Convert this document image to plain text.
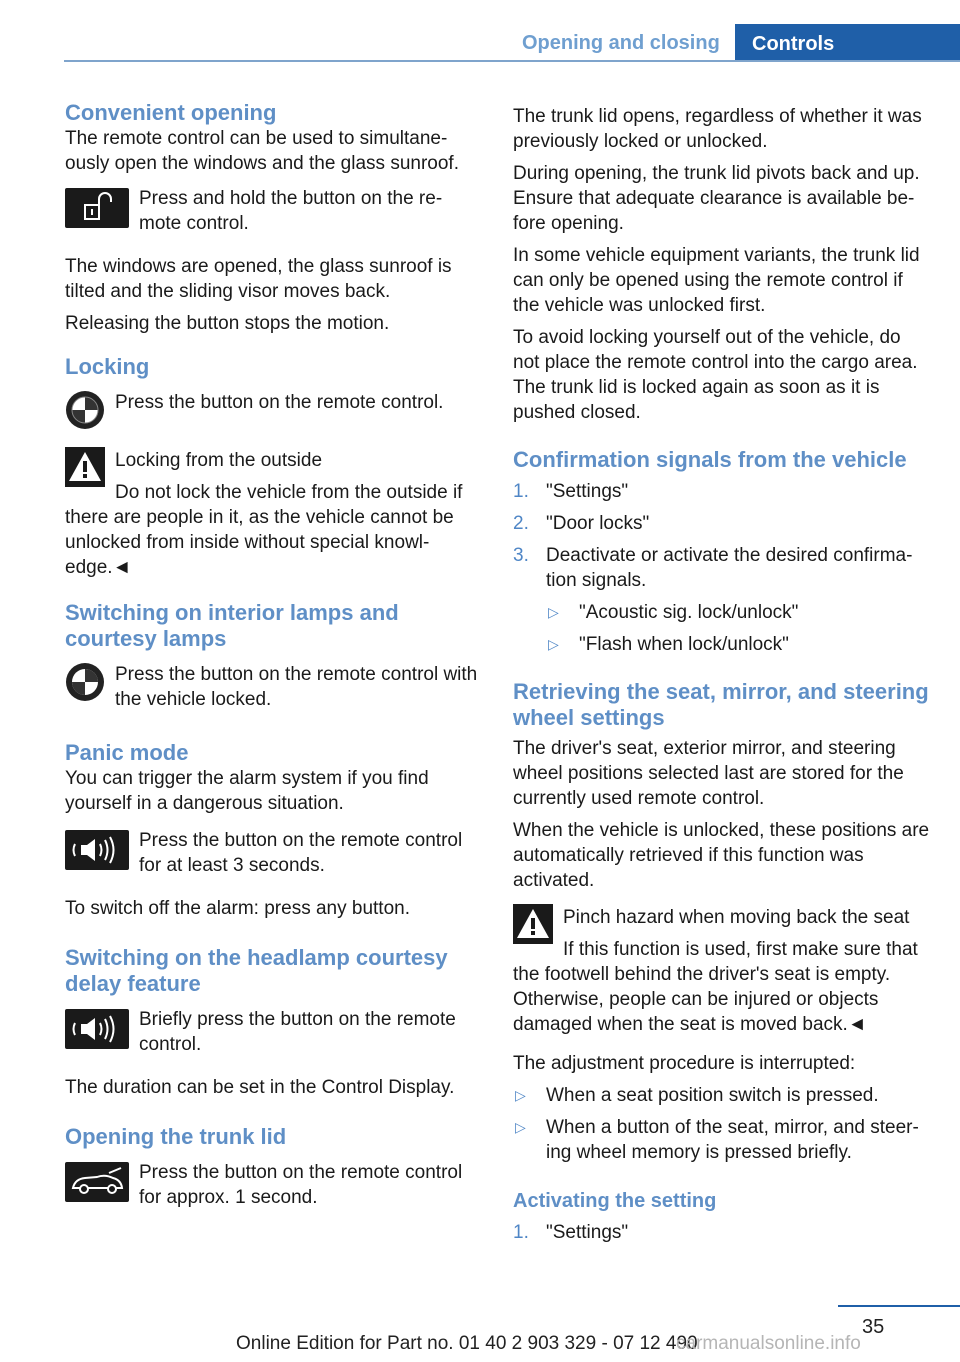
Opening and closing Controls
Convenient opening

The remote control can be used to simultane-ously open the windows and the glass sunroof.

Press and hold the button on the re-mote control.

The windows are opened, the glass sunroof is tilted and the sliding visor moves back.

Releasing the button stops the motion.

Locking
Press the button on the remote control.
Locking from the outside

Do not lock the vehicle from the outside if there are people in it, as the vehicle cannot be unlocked from inside without special knowl-edge.◄

Switching on interior lamps and courtesy lamps
Press the button on the remote control with the vehicle locked.
Panic mode

You can trigger the alarm system if you find yourself in a dangerous situation.

Press the button on the remote control for at least 3 seconds.

To switch off the alarm: press any button.

Switching on the headlamp courtesy delay feature
Briefly press the button on the remote control.

The duration can be set in the Control Display.

Opening the trunk lid
Press the button on the remote control for approx. 1 second.

The trunk lid opens, regardless of whether it was previously locked or unlocked.

During opening, the trunk lid pivots back and up. Ensure that adequate clearance is available be-fore opening.

In some vehicle equipment variants, the trunk lid can only be opened using the remote control if the vehicle was unlocked first.

To avoid locking yourself out of the vehicle, do not place the remote control into the cargo area. The trunk lid is locked again as soon as it is pushed closed.

Confirmation signals from the vehicle
1. "Settings"
2. "Door locks"
3. Deactivate or activate the desired confirma-tion signals.
▷ "Acoustic sig. lock/unlock"
▷ "Flash when lock/unlock"
Retrieving the seat, mirror, and steering wheel settings

The driver's seat, exterior mirror, and steering wheel positions selected last are stored for the currently used remote control.

When the vehicle is unlocked, these positions are automatically retrieved if this function was activated.

Pinch hazard when moving back the seat

If this function is used, first make sure that the footwell behind the driver's seat is empty. Otherwise, people can be injured or objects damaged when the seat is moved back.◄

The adjustment procedure is interrupted:

▷ When a seat position switch is pressed.
▷ When a button of the seat, mirror, and steer-ing wheel memory is pressed briefly.
Activating the setting
1. "Settings"
35
Online Edition for Part no. 01 40 2 903 329 - 07 12 490
carmanualsonline.info
